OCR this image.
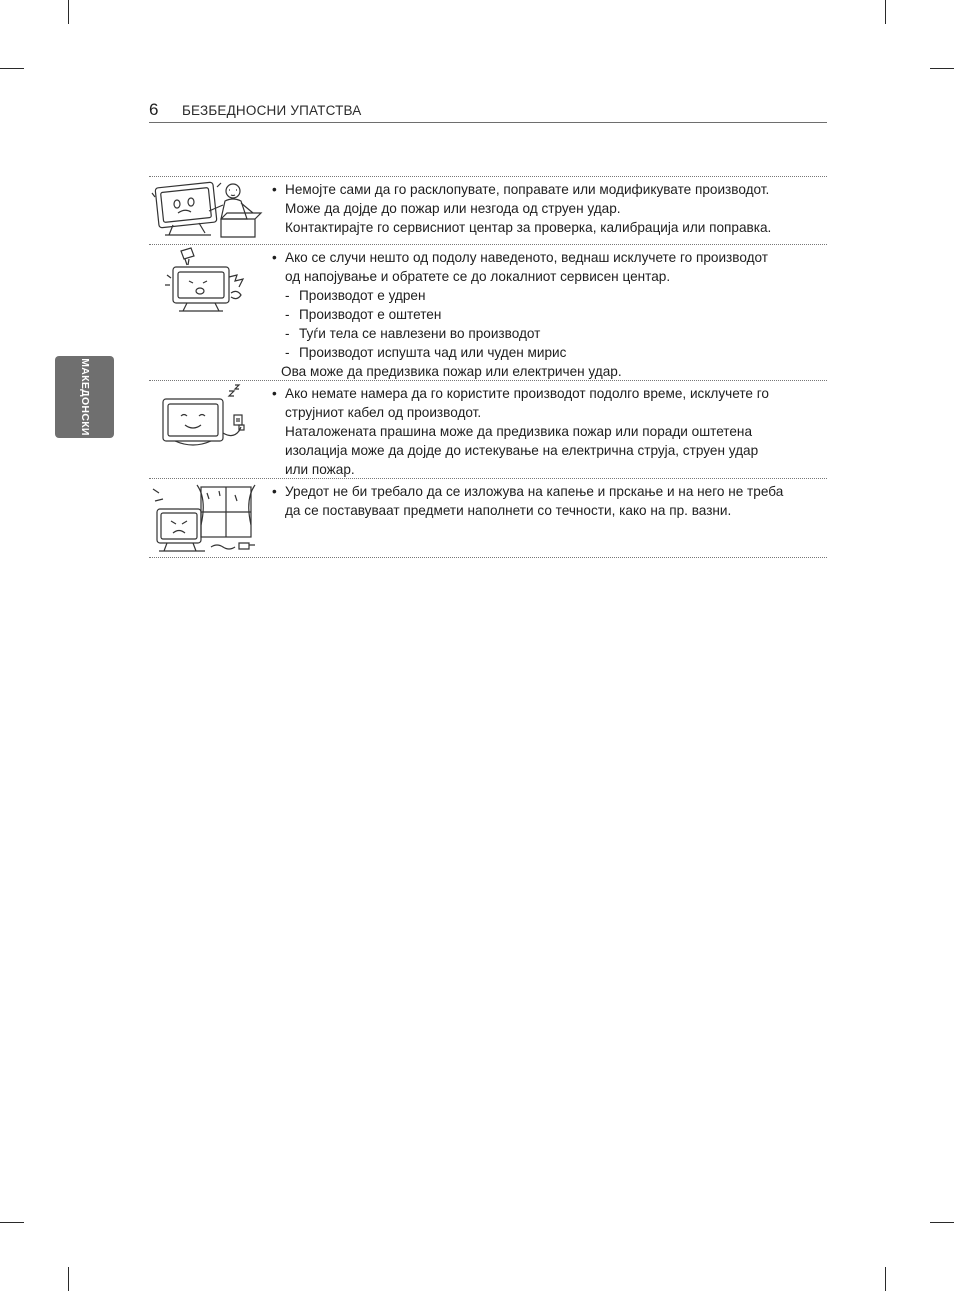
6 БЕЗБЕДНОСНИ УПАТСТВА
МАКЕДОНСКИ
• Немојте сами да го расклопувате, поправате или модификувате производот.
Може да дојде до пожар или незгода од струен удар.
Контактирајте го сервисниот центар за проверка, калибрација или поправка.
• Ако се случи нешто од подолу наведеното, веднаш исклучете го производот
од напојување и обратете се до локалниот сервисен центар.
- Производот е удрен
- Производот е оштетен
- Туѓи тела се навлезени во производот
- Производот испушта чад или чуден мирис
Ова може да предизвика пожар или електричен удар.
• Ако немате намера да го користите производот подолго време, исклучете го
струјниот кабел од производот.
Наталожената прашина може да предизвика пожар или поради оштетена
изолација може да дојде до истекување на електрична струја, струен удар
или пожар.
• Уредот не би требало да се изложува на капење и прскање и на него не треба
да се поставуваат предмети наполнети со течности, како на пр. вазни.
